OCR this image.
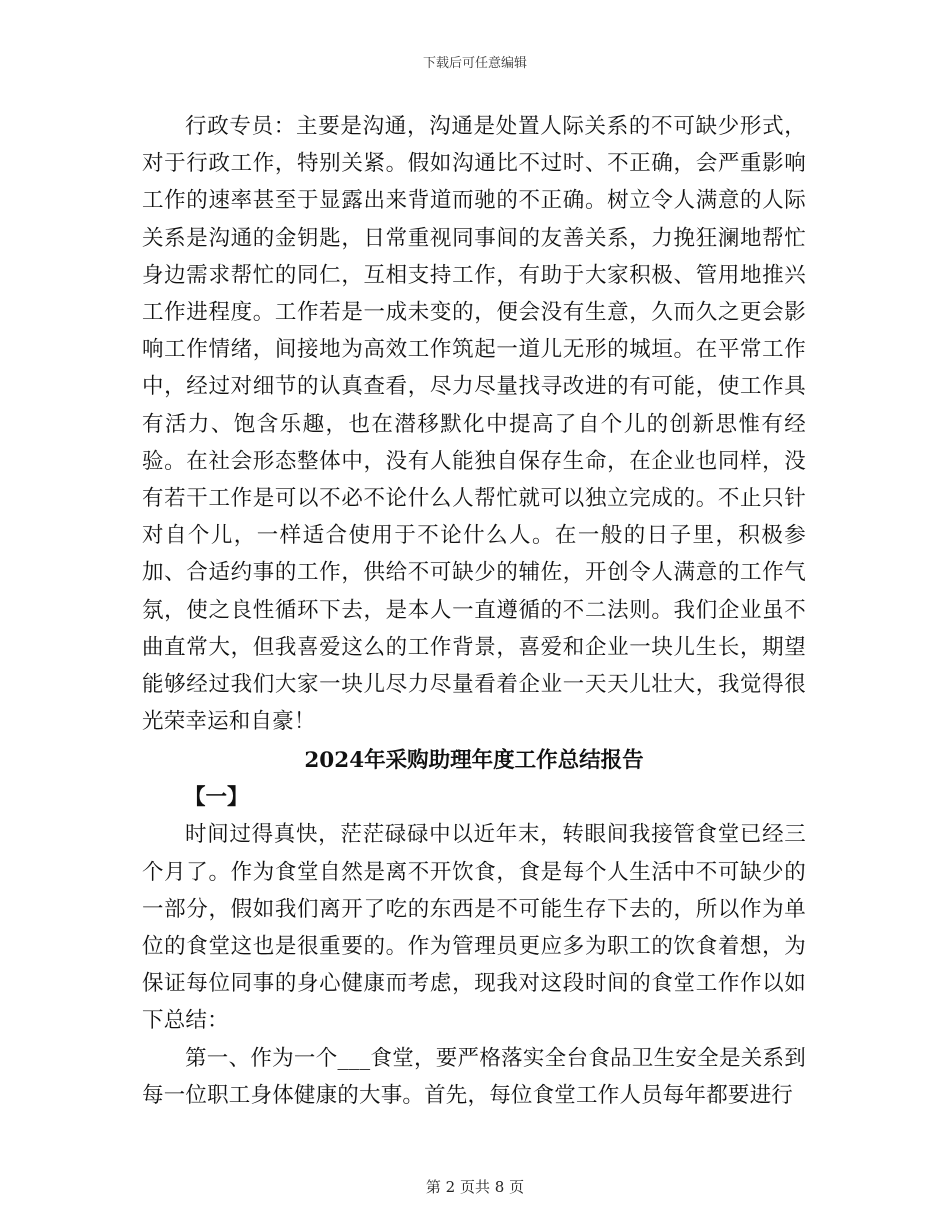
下载后可任意编辑

行政专员：主要是沟通，沟通是处置人际关系的不可缺少形式，对于行政工作，特别关紧。假如沟通比不过时、不正确，会严重影响工作的速率甚至于显露出来背道而驰的不正确。树立令人满意的人际关系是沟通的金钥匙，日常重视同事间的友善关系，力挽狂澜地帮忙身边需求帮忙的同仁，互相支持工作，有助于大家积极、管用地推兴工作进程度。工作若是一成未变的，便会没有生意，久而久之更会影响工作情绪，间接地为高效工作筑起一道儿无形的城垣。在平常工作中，经过对细节的认真查看，尽力尽量找寻改进的有可能，使工作具有活力、饱含乐趣，也在潜移默化中提高了自个儿的创新思惟有经验。在社会形态整体中，没有人能独自保存生命，在企业也同样，没有若干工作是可以不必不论什么人帮忙就可以独立完成的。不止只针对自个儿，一样适合使用于不论什么人。在一般的日子里，积极参加、合适约事的工作，供给不可缺少的辅佐，开创令人满意的工作气氛，使之良性循环下去，是本人一直遵循的不二法则。我们企业虽不曲直常大，但我喜爱这么的工作背景，喜爱和企业一块儿生长，期望能够经过我们大家一块儿尽力尽量看着企业一天天儿壮大，我觉得很光荣幸运和自豪！

2024年采购助理年度工作总结报告
【一】

时间过得真快，茫茫碌碌中以近年末，转眼间我接管食堂已经三个月了。作为食堂自然是离不开饮食，食是每个人生活中不可缺少的一部分，假如我们离开了吃的东西是不可能生存下去的，所以作为单位的食堂这也是很重要的。作为管理员更应多为职工的饮食着想，为保证每位同事的身心健康而考虑，现我对这段时间的食堂工作作以如下总结：

第一、作为一个___食堂，要严格落实全台食品卫生安全是关系到每一位职工身体健康的大事。首先，每位食堂工作人员每年都要进行

第 2 页共 8 页
